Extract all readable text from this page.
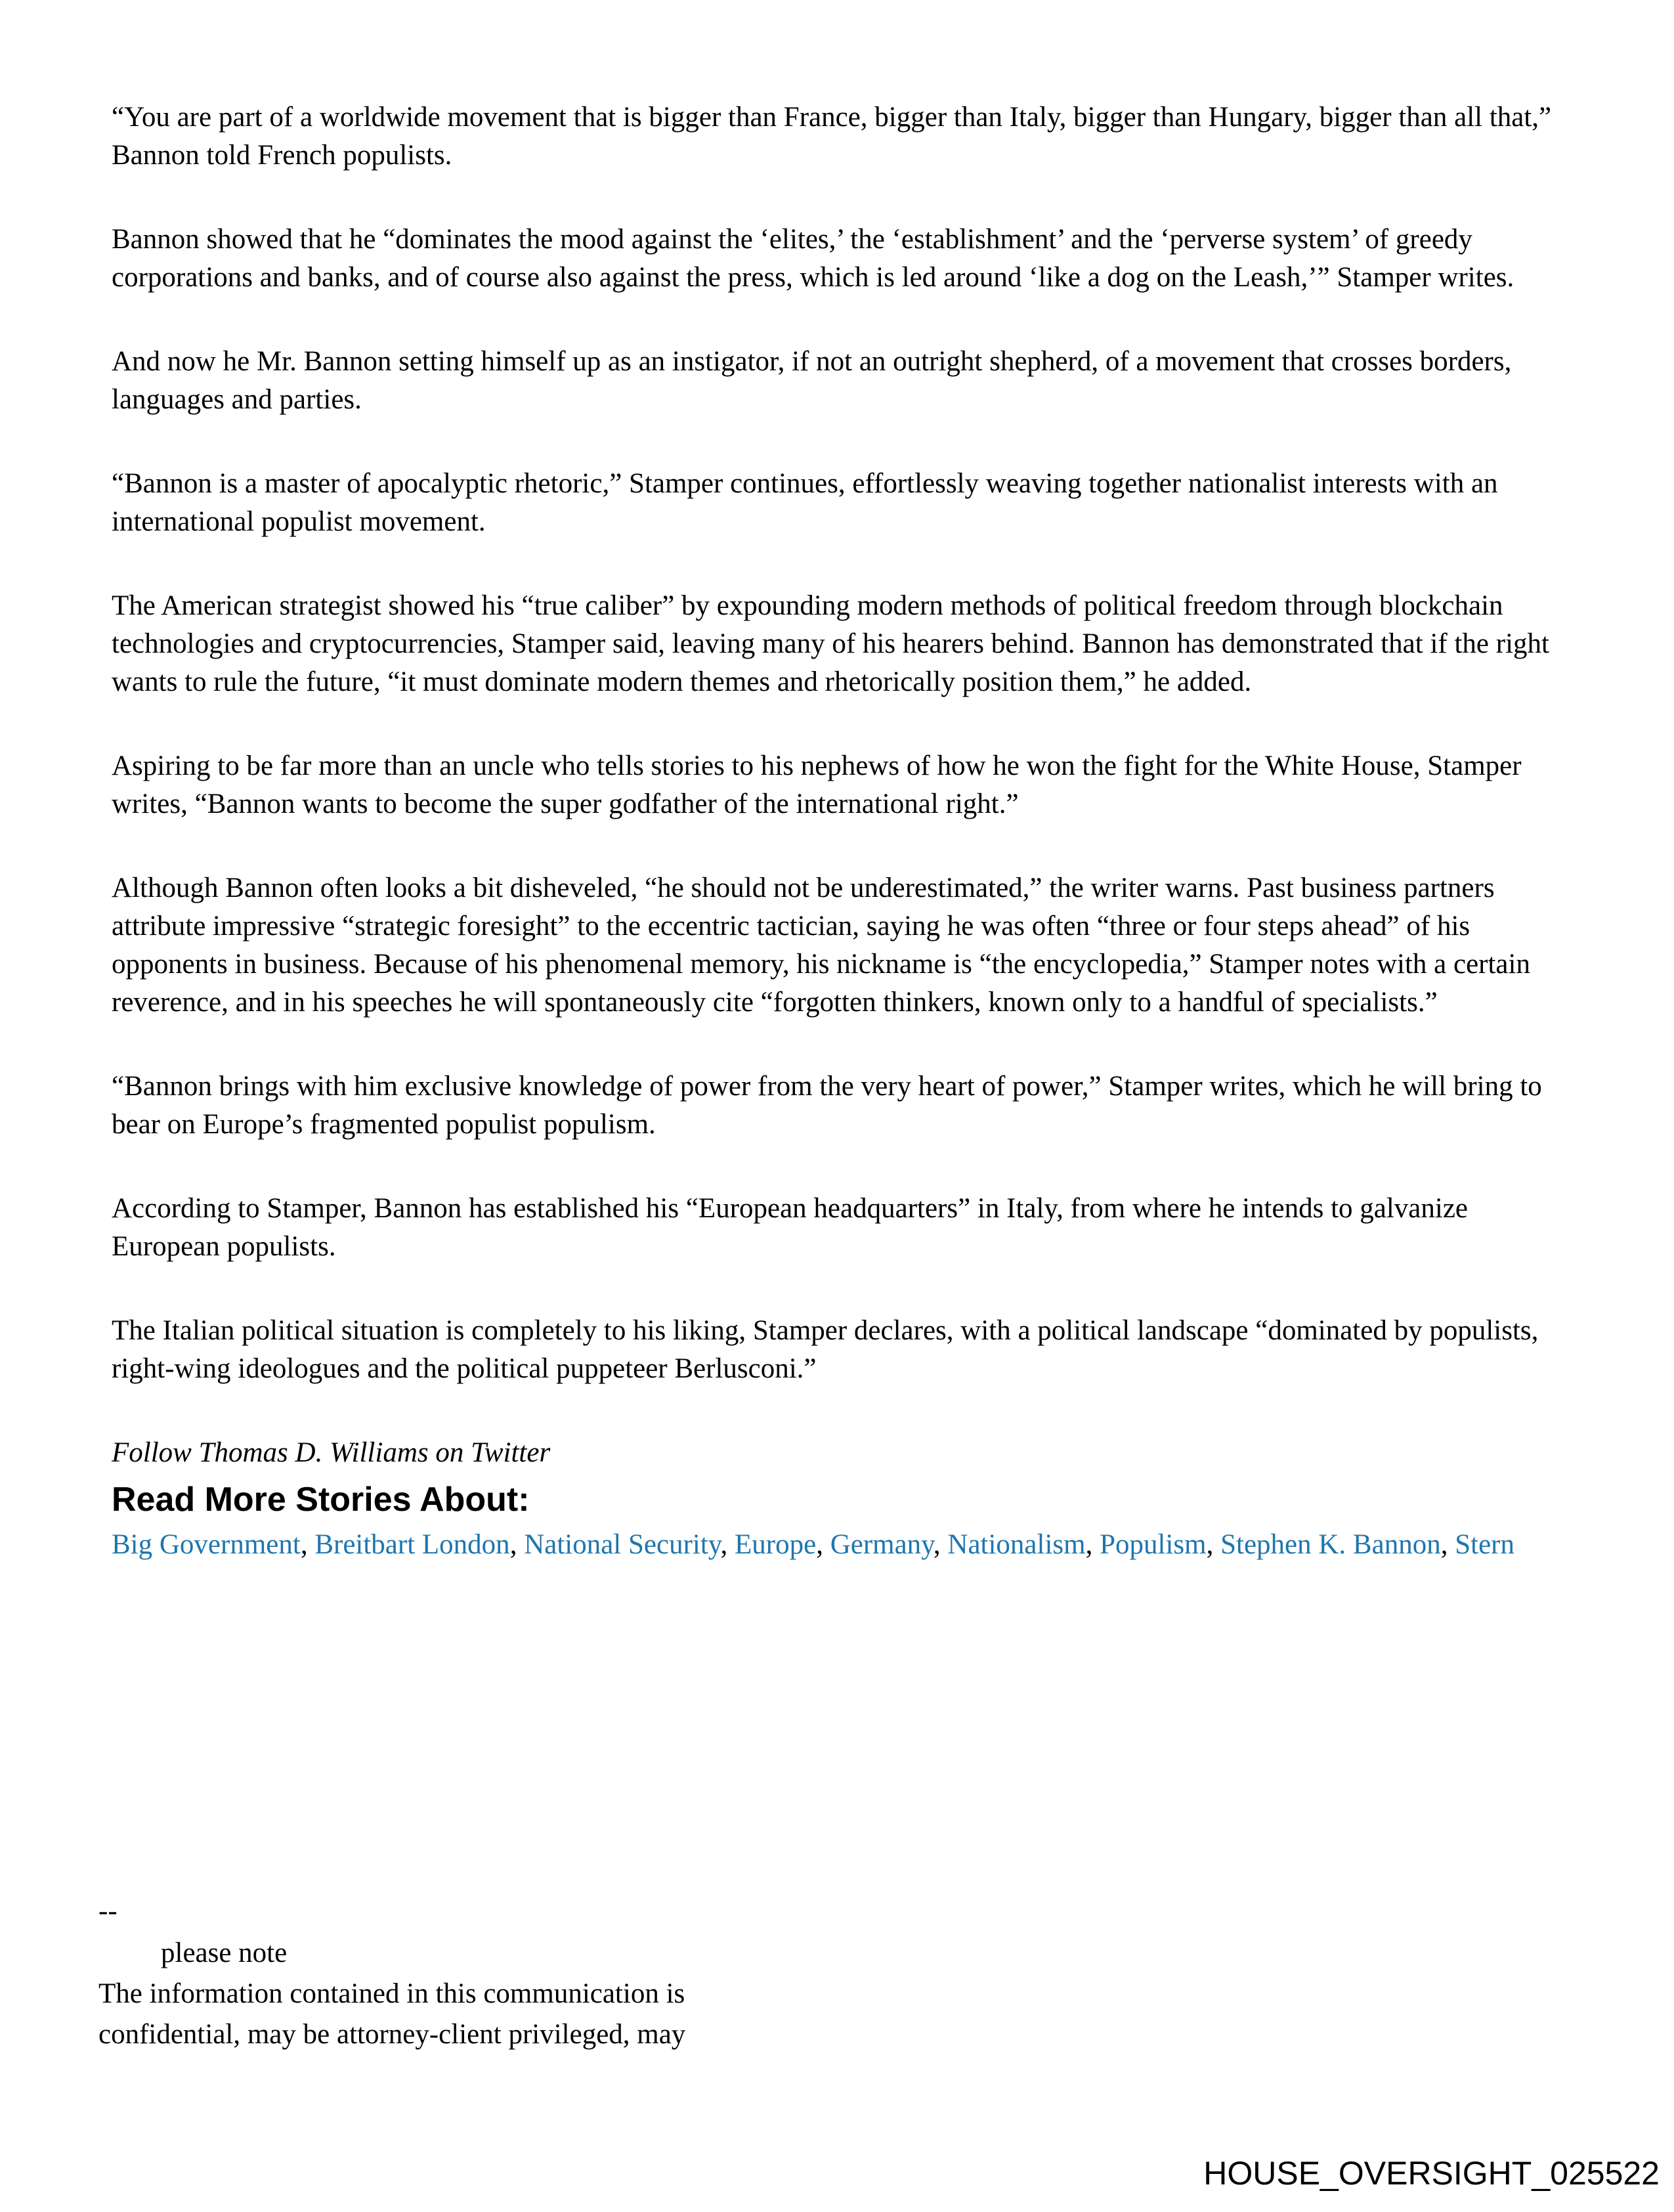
“You are part of a worldwide movement that is bigger than France, bigger than Italy, bigger than Hungary, bigger than all that,” Bannon told French populists.

Bannon showed that he “dominates the mood against the ‘elites,’ the ‘establishment’ and the ‘perverse system’ of greedy corporations and banks, and of course also against the press, which is led around ‘like a dog on the Leash,’” Stamper writes.

And now he Mr. Bannon setting himself up as an instigator, if not an outright shepherd, of a movement that crosses borders, languages and parties.

“Bannon is a master of apocalyptic rhetoric,” Stamper continues, effortlessly weaving together nationalist interests with an international populist movement.

The American strategist showed his “true caliber” by expounding modern methods of political freedom through blockchain technologies and cryptocurrencies, Stamper said, leaving many of his hearers behind. Bannon has demonstrated that if the right wants to rule the future, “it must dominate modern themes and rhetorically position them,” he added.

Aspiring to be far more than an uncle who tells stories to his nephews of how he won the fight for the White House, Stamper writes, “Bannon wants to become the super godfather of the international right.”

Although Bannon often looks a bit disheveled, “he should not be underestimated,” the writer warns. Past business partners attribute impressive “strategic foresight” to the eccentric tactician, saying he was often “three or four steps ahead” of his opponents in business. Because of his phenomenal memory, his nickname is “the encyclopedia,” Stamper notes with a certain reverence, and in his speeches he will spontaneously cite “forgotten thinkers, known only to a handful of specialists.”

“Bannon brings with him exclusive knowledge of power from the very heart of power,” Stamper writes, which he will bring to bear on Europe’s fragmented populist populism.

According to Stamper, Bannon has established his “European headquarters” in Italy, from where he intends to galvanize European populists.

The Italian political situation is completely to his liking, Stamper declares, with a political landscape “dominated by populists, right-wing ideologues and the political puppeteer Berlusconi.”

Follow Thomas D. Williams on Twitter

Read More Stories About:

Big Government, Breitbart London, National Security, Europe, Germany, Nationalism, Populism, Stephen K. Bannon, Stern

--
please note
The information contained in this communication is
confidential, may be attorney-client privileged, may
HOUSE_OVERSIGHT_025522
